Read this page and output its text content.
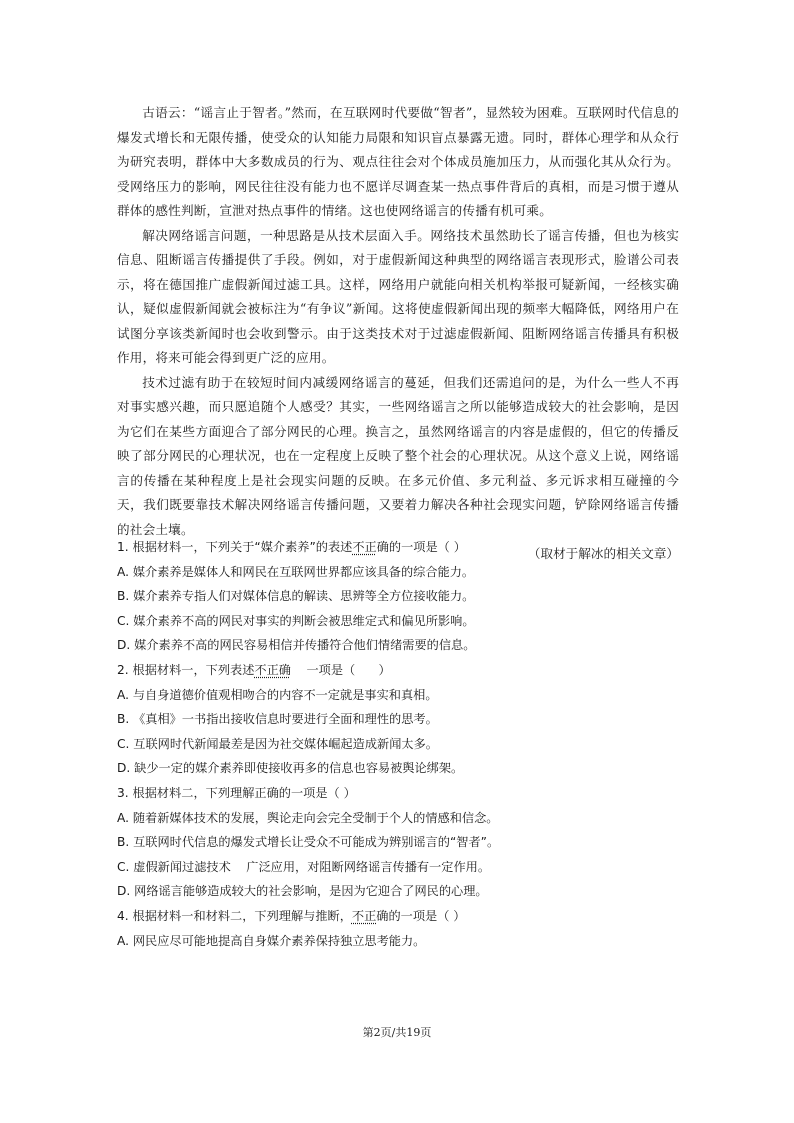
古语云：“谣言止于智者。”然而，在互联网时代要做“智者”，显然较为困难。互联网时代信息的爆发式增长和无限传播，使受众的认知能力局限和知识盲点暴露无遗。同时，群体心理学和从众行为研究表明，群体中大多数成员的行为、观点往往会对个体成员施加压力，从而强化其从众行为。受网络压力的影响，网民往往没有能力也不愿详尽调查某一热点事件背后的真相，而是习惯于遵从群体的感性判断，宣泄对热点事件的情绪。这也使网络谣言的传播有机可乘。

解决网络谣言问题，一种思路是从技术层面入手。网络技术虽然助长了谣言传播，但也为核实信息、阻断谣言传播提供了手段。例如，对于虚假新闻这种典型的网络谣言表现形式，脸谱公司表示，将在德国推广虚假新闻过滤工具。这样，网络用户就能向相关机构举报可疑新闻，一经核实确认，疑似虚假新闻就会被标注为“有争议”新闻。这将使虚假新闻出现的频率大幅降低，网络用户在试图分享该类新闻时也会收到警示。由于这类技术对于过滤虚假新闻、阻断网络谣言传播具有积极作用，将来可能会得到更广泛的应用。

技术过滤有助于在较短时间内减缓网络谣言的蔓延，但我们还需追问的是，为什么一些人不再对事实感兴趣，而只愿追随个人感受？其实，一些网络谣言之所以能够造成较大的社会影响，是因为它们在某些方面迎合了部分网民的心理。换言之，虽然网络谣言的内容是虚假的，但它的传播反映了部分网民的心理状况，也在一定程度上反映了整个社会的心理状况。从这个意义上说，网络谣言的传播在某种程度上是社会现实问题的反映。在多元价值、多元利益、多元诉求相互碰撞的今天，我们既要靠技术解决网络谣言传播问题，又要着力解决各种社会现实问题，铲除网络谣言传播的社会土壤。

（取材于解冰的相关文章）

1. 根据材料一，下列关于“媒介素养”的表述不正确的一项是（ ）

A. 媒介素养是媒体人和网民在互联网世界都应该具备的综合能力。

B. 媒介素养专指人们对媒体信息的解读、思辨等全方位接收能力。

C. 媒介素养不高的网民对事实的判断会被思维定式和偏见所影响。

D. 媒介素养不高的网民容易相信并传播符合他们情绪需要的信息。

2. 根据材料一，下列表述不正确    一项是（      ）

A. 与自身道德价值观相吻合的内容不一定就是事实和真相。

B. 《真相》一书指出接收信息时要进行全面和理性的思考。

C. 互联网时代新闻最差是因为社交媒体崛起造成新闻太多。

D. 缺少一定的媒介素养即使接收再多的信息也容易被舆论绑架。

3. 根据材料二，下列理解正确的一项是（ ）

A. 随着新媒体技术的发展，舆论走向会完全受制于个人的情感和信念。

B. 互联网时代信息的爆发式增长让受众不可能成为辨别谣言的“智者”。

C. 虚假新闻过滤技术    广泛应用，对阻断网络谣言传播有一定作用。

D. 网络谣言能够造成较大的社会影响，是因为它迎合了网民的心理。

4. 根据材料一和材料二，下列理解与推断，不正确的一项是（ ）

A. 网民应尽可能地提高自身媒介素养保持独立思考能力。

第2页/共19页
